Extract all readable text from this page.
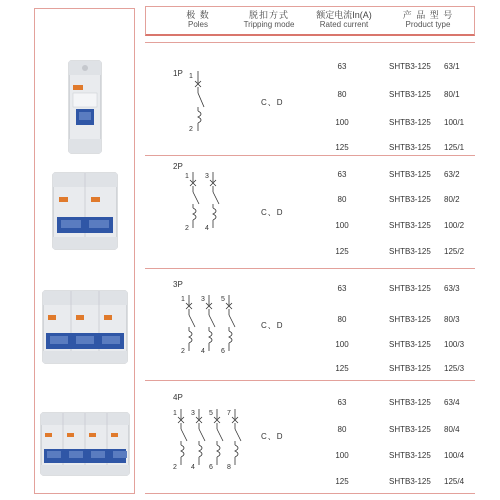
极 数
Poles
脱扣方式
Tripping mode
额定电流In(A)
Rated current
产 品 型 号
Product type
1P 1
2
C、D
63	SHTB3-125 63/1
80	SHTB3-125 80/1
100	SHTB3-125 100/1
125	SHTB3-125 125/1
2P
1 3
2 4
C、D
63	SHTB3-125 63/2
80	SHTB3-125 80/2
100	SHTB3-125 100/2
125	SHTB3-125 125/2
3P
1 3 5
2 4 6
C、D
63	SHTB3-125 63/3
80	SHTB3-125 80/3
100	SHTB3-125 100/3
125	SHTB3-125 125/3
4P
1 3 5 7
2 4 6 8
C、D
63	SHTB3-125 63/4
80	SHTB3-125 80/4
100	SHTB3-125 100/4
125	SHTB3-125 125/4
